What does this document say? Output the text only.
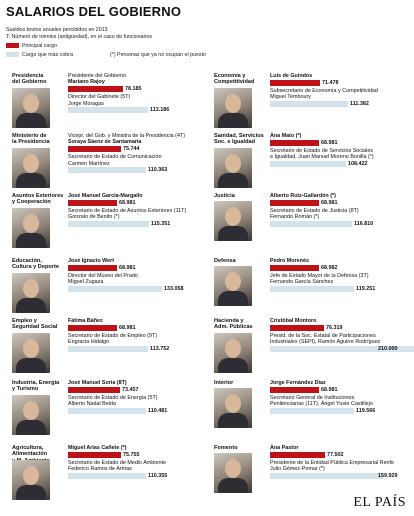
SALARIOS DEL GOBIERNO
Sueldos brutos anuales percibidos en 2013
T: Número de trienios (antigüedad), en el caso de funcionarios
Principal cargo
Cargo que más cobra	(*) Personas que ya no ocupan el puesto
Presidencia
del Gobierno
Presidente del Gobierno
Mariano Rajoy
78.185
Director del Gabinete (5T)
Jorge Moragas
113.186
Economía y
Competitividad
Luis de Guindos
71.478
Subsecretario de Economía y Competitividad
Miguel Temboury
111.382
Ministerio de
la Presidencia
Vicepr. del Gob. y Ministra de la Presidencia (4T)
Soraya Sáenz de Santamaría
75.744
Secretario de Estado de Comunicación
Carmen Martínez
110.363
Sanidad, Servicios
Soc. e Igualdad
Ana Mato (*)
68.981
Secretario de Estado de Servicios Sociales
e Igualdad, Juan Manuel Moreno Bonilla (*)
108.422
Asuntos Exteriores
y Cooperación
José Manuel García-Margallo
68.981
Secretario de Estado de Asuntos Exteriores (11T)
Gonzalo de Benito (*)
115.351
Justicia	Alberto Ruiz-Gallardón (*)
68.981
Secretario de Estado de Justicia (8T)
Fernando Román (*)
116.810
Educación,
Cultura y Deporte
José Ignacio Wert
68.981
Director del Museo del Prado
Miguel Zugaza
133.058
Defensa	Pedro Morenés
68.982
Jefe de Estado Mayor de la Defensa (3T)
Fernando García Sánchez
119.251
Empleo y
Seguridad Social
Fátima Báñez
68.981
Secretario de Estado de Empleo (9T)
Engracia Hidalgo
113.752
Hacienda y
Adm. Públicas
Cristóbal Montoro
76.319
Presid. de la Soc. Estatal de Participaciones
Industriales (SEPI), Ramón Aguirre Rodríguez
210.000
Industria, Energía
y Turismo
José Manuel Soria (8T)
73.457
Secretario de Estado de Energía (5T)
Alberto Nadal Belda
110.481
Interior	Jorge Fernández Díaz
68.981
Secretario General de Instituciones
Penitenciarias (11T), Ángel Yuste Castillejo
119.566
Agricultura, Alimentación

Miguel Arias Cañete (*)
75.755
Secretario de Estado de Medio Ambiente
Federico Ramos de Armas
110.355
Fomento	Ana Pastor
77.502
Presidente de la Entidad Pública Empresarial Renfe
Julio Gómez-Pomar (*)
159.929
EL PAÍS
